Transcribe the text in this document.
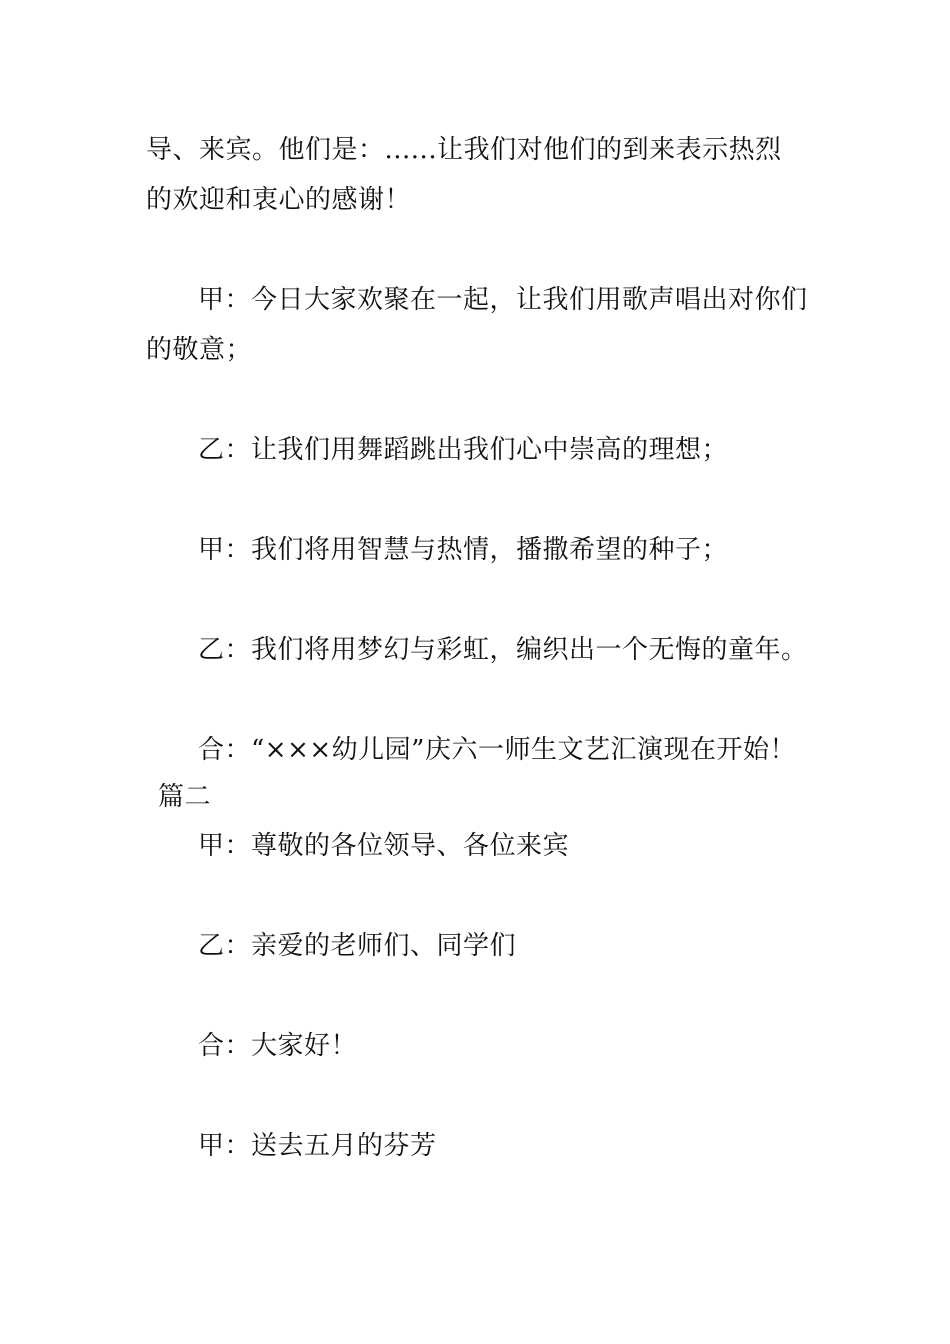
导、来宾。他们是：......让我们对他们的到来表示热烈
的欢迎和衷心的感谢！
甲：今日大家欢聚在一起，让我们用歌声唱出对你们
的敬意；
乙：让我们用舞蹈跳出我们心中崇高的理想；
甲：我们将用智慧与热情，播撒希望的种子；
乙：我们将用梦幻与彩虹，编织出一个无悔的童年。
合：“×××幼儿园”庆六一师生文艺汇演现在开始！
篇二
甲：尊敬的各位领导、各位来宾
乙：亲爱的老师们、同学们
合：大家好！
甲：送去五月的芬芳
